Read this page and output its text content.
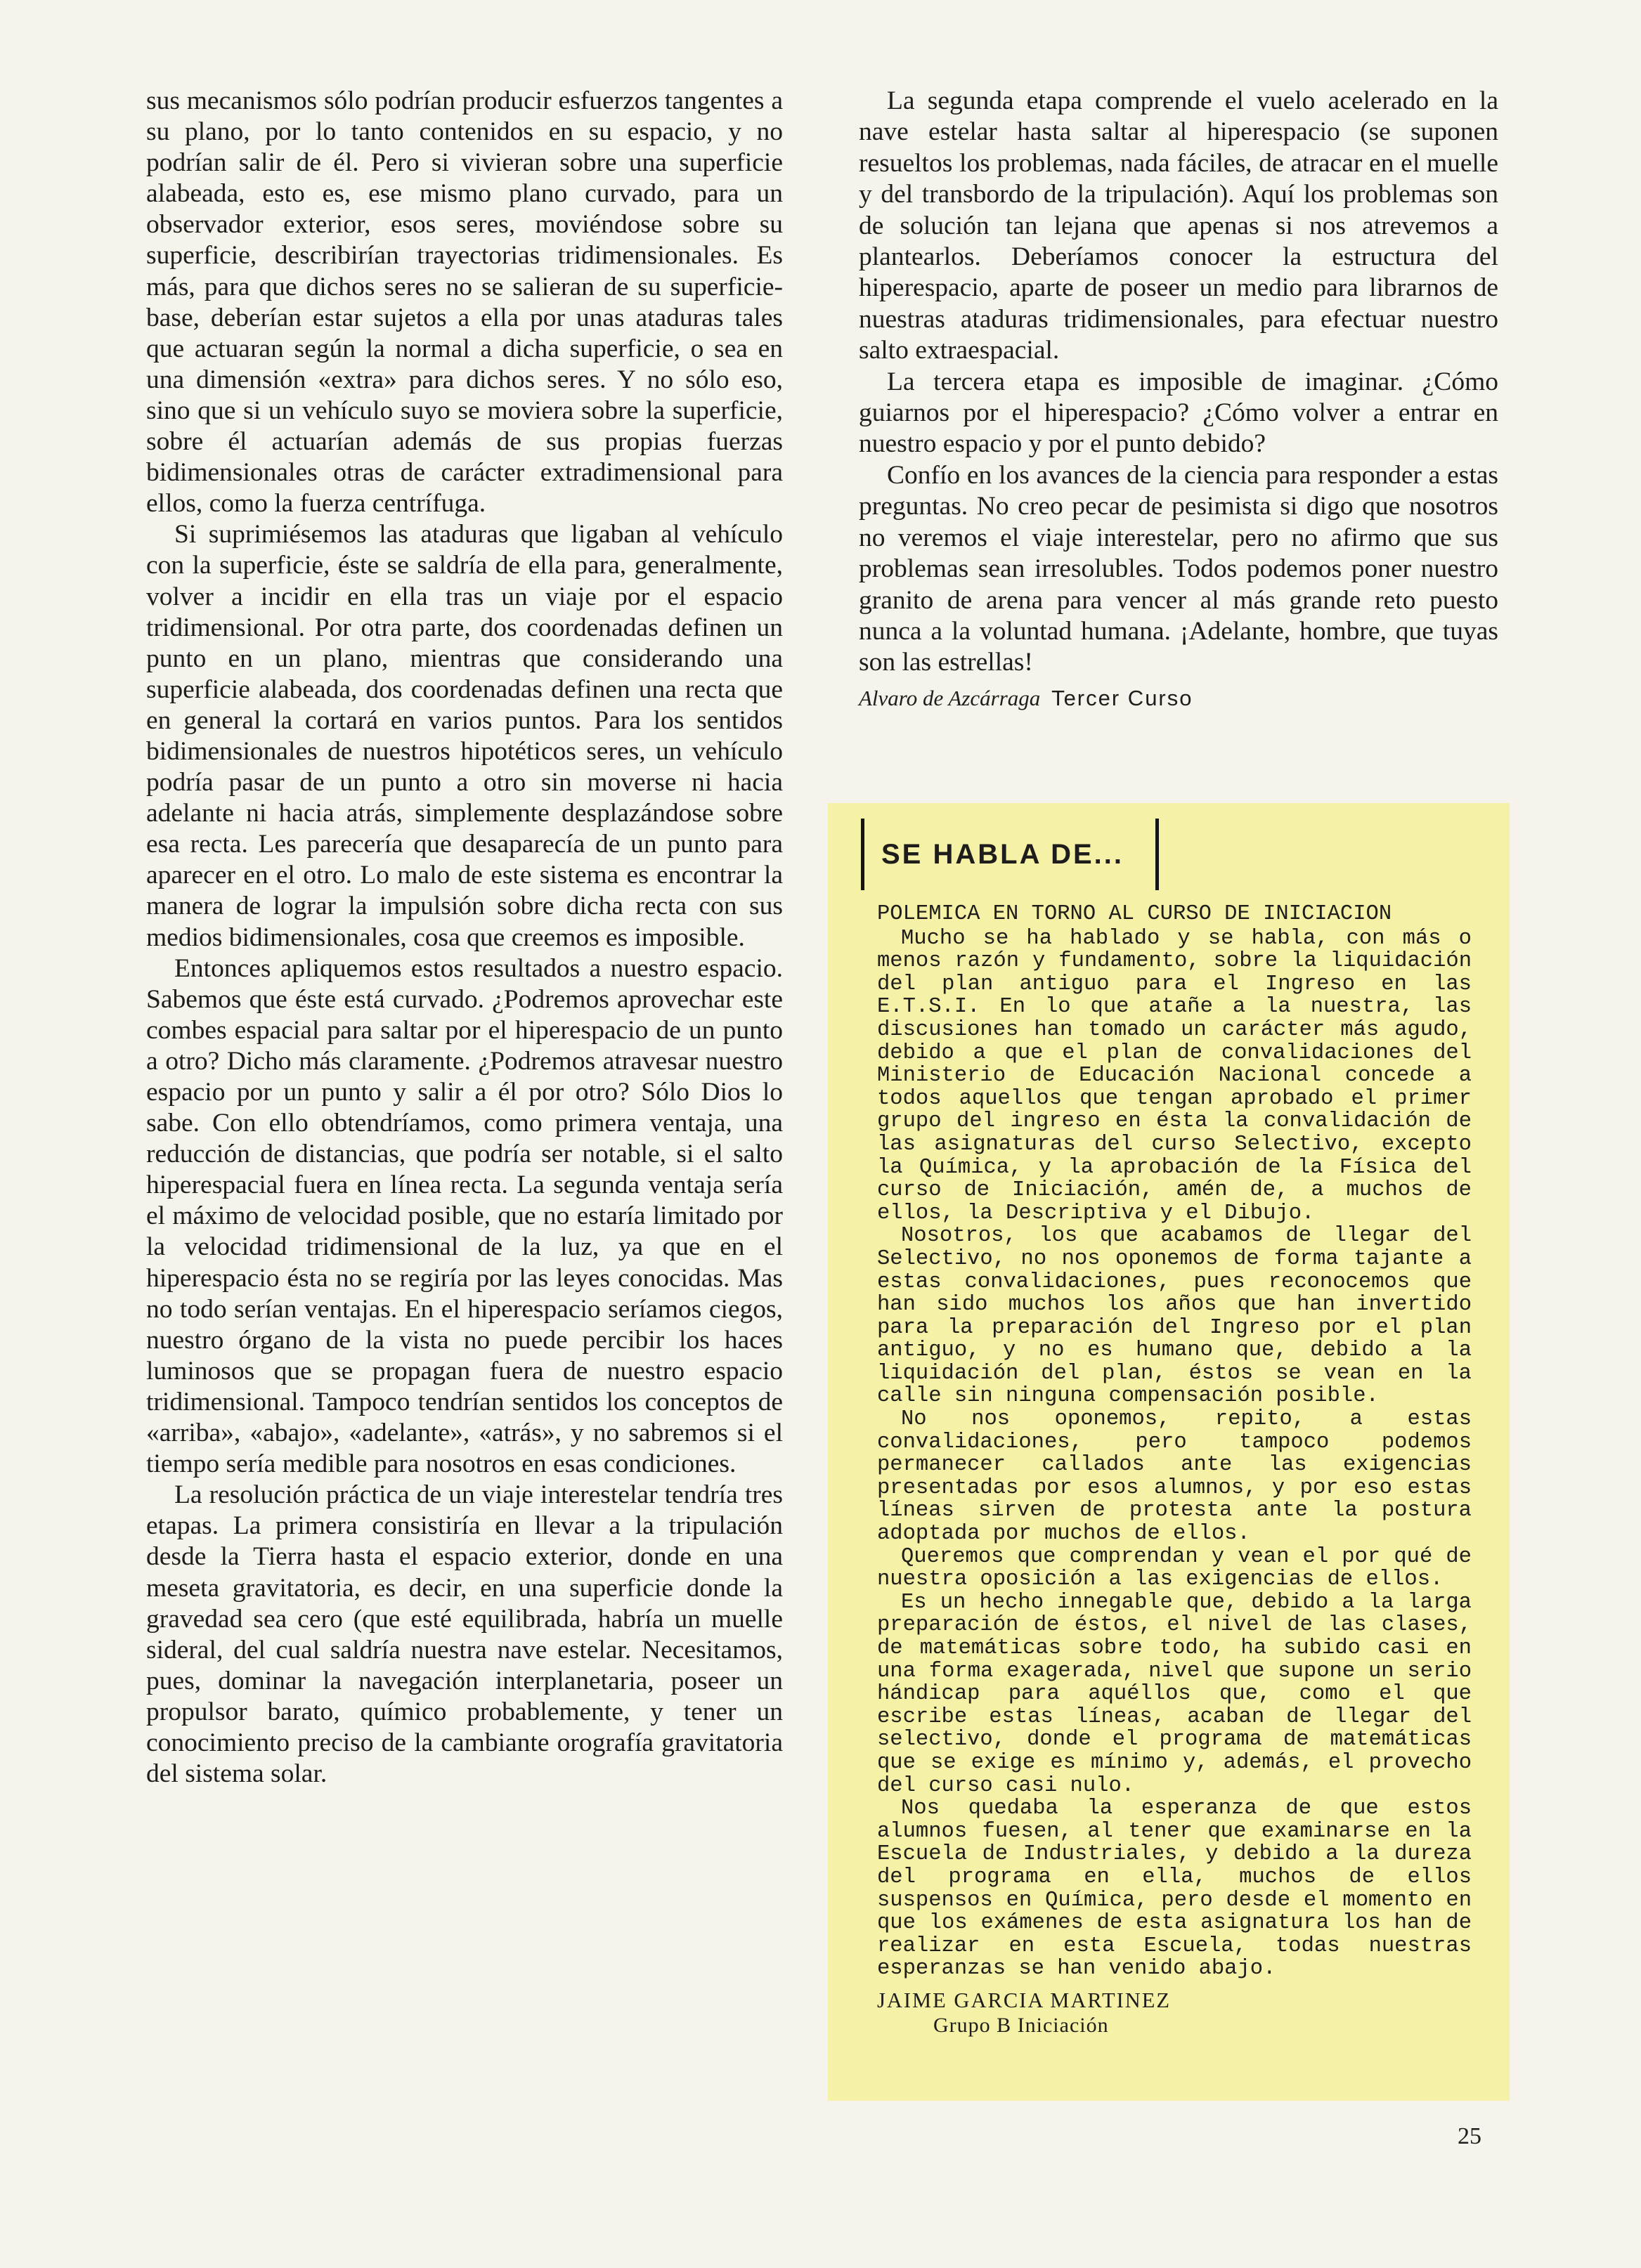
sus mecanismos sólo podrían producir esfuerzos tangentes a su plano, por lo tanto contenidos en su espacio, y no podrían salir de él. Pero si vivieran sobre una superficie alabeada, esto es, ese mismo plano curvado, para un observador exterior, esos seres, moviéndose sobre su superficie, describirían trayectorias tridimensionales. Es más, para que dichos seres no se salieran de su superficie-base, deberían estar sujetos a ella por unas ataduras tales que actuaran según la normal a dicha superficie, o sea en una dimensión «extra» para dichos seres. Y no sólo eso, sino que si un vehículo suyo se moviera sobre la superficie, sobre él actuarían además de sus propias fuerzas bidimensionales otras de carácter extradimensional para ellos, como la fuerza centrífuga.

Si suprimiésemos las ataduras que ligaban al vehículo con la superficie, éste se saldría de ella para, generalmente, volver a incidir en ella tras un viaje por el espacio tridimensional. Por otra parte, dos coordenadas definen un punto en un plano, mientras que considerando una superficie alabeada, dos coordenadas definen una recta que en general la cortará en varios puntos. Para los sentidos bidimensionales de nuestros hipotéticos seres, un vehículo podría pasar de un punto a otro sin moverse ni hacia adelante ni hacia atrás, simplemente desplazándose sobre esa recta. Les parecería que desaparecía de un punto para aparecer en el otro. Lo malo de este sistema es encontrar la manera de lograr la impulsión sobre dicha recta con sus medios bidimensionales, cosa que creemos es imposible.

Entonces apliquemos estos resultados a nuestro espacio. Sabemos que éste está curvado. ¿Podremos aprovechar este combes espacial para saltar por el hiperespacio de un punto a otro? Dicho más claramente. ¿Podremos atravesar nuestro espacio por un punto y salir a él por otro? Sólo Dios lo sabe. Con ello obtendríamos, como primera ventaja, una reducción de distancias, que podría ser notable, si el salto hiperespacial fuera en línea recta. La segunda ventaja sería el máximo de velocidad posible, que no estaría limitado por la velocidad tridimensional de la luz, ya que en el hiperespacio ésta no se regiría por las leyes conocidas. Mas no todo serían ventajas. En el hiperespacio seríamos ciegos, nuestro órgano de la vista no puede percibir los haces luminosos que se propagan fuera de nuestro espacio tridimensional. Tampoco tendrían sentidos los conceptos de «arriba», «abajo», «adelante», «atrás», y no sabremos si el tiempo sería medible para nosotros en esas condiciones.

La resolución práctica de un viaje interestelar tendría tres etapas. La primera consistiría en llevar a la tripulación desde la Tierra hasta el espacio exterior, donde en una meseta gravitatoria, es decir, en una superficie donde la gravedad sea cero (que esté equilibrada, habría un muelle sideral, del cual saldría nuestra nave estelar. Necesitamos, pues, dominar la navegación interplanetaria, poseer un propulsor barato, químico probablemente, y tener un conocimiento preciso de la cambiante orografía gravitatoria del sistema solar.

La segunda etapa comprende el vuelo acelerado en la nave estelar hasta saltar al hiperespacio (se suponen resueltos los problemas, nada fáciles, de atracar en el muelle y del transbordo de la tripulación). Aquí los problemas son de solución tan lejana que apenas si nos atrevemos a plantearlos. Deberíamos conocer la estructura del hiperespacio, aparte de poseer un medio para librarnos de nuestras ataduras tridimensionales, para efectuar nuestro salto extraespacial.

La tercera etapa es imposible de imaginar. ¿Cómo guiarnos por el hiperespacio? ¿Cómo volver a entrar en nuestro espacio y por el punto debido?

Confío en los avances de la ciencia para responder a estas preguntas. No creo pecar de pesimista si digo que nosotros no veremos el viaje interestelar, pero no afirmo que sus problemas sean irresolubles. Todos podemos poner nuestro granito de arena para vencer al más grande reto puesto nunca a la voluntad humana. ¡Adelante, hombre, que tuyas son las estrellas!

Alvaro de Azcárraga Tercer Curso
SE HABLA DE...

POLEMICA EN TORNO AL CURSO DE INICIACION

Mucho se ha hablado y se habla, con más o menos razón y fundamento, sobre la liquidación del plan antiguo para el Ingreso en las E.T.S.I. En lo que atañe a la nuestra, las discusiones han tomado un carácter más agudo, debido a que el plan de convalidaciones del Ministerio de Educación Nacional concede a todos aquellos que tengan aprobado el primer grupo del ingreso en ésta la convalidación de las asignaturas del curso Selectivo, excepto la Química, y la aprobación de la Física del curso de Iniciación, amén de, a muchos de ellos, la Descriptiva y el Dibujo.

Nosotros, los que acabamos de llegar del Selectivo, no nos oponemos de forma tajante a estas convalidaciones, pues reconocemos que han sido muchos los años que han invertido para la preparación del Ingreso por el plan antiguo, y no es humano que, debido a la liquidación del plan, éstos se vean en la calle sin ninguna compensación posible.

No nos oponemos, repito, a estas convalidaciones, pero tampoco podemos permanecer callados ante las exigencias presentadas por esos alumnos, y por eso estas líneas sirven de protesta ante la postura adoptada por muchos de ellos.

Queremos que comprendan y vean el por qué de nuestra oposición a las exigencias de ellos.

Es un hecho innegable que, debido a la larga preparación de éstos, el nivel de las clases, de matemáticas sobre todo, ha subido casi en una forma exagerada, nivel que supone un serio hándicap para aquéllos que, como el que escribe estas líneas, acaban de llegar del selectivo, donde el programa de matemáticas que se exige es mínimo y, además, el provecho del curso casi nulo.

Nos quedaba la esperanza de que estos alumnos fuesen, al tener que examinarse en la Escuela de Industriales, y debido a la dureza del programa en ella, muchos de ellos suspensos en Química, pero desde el momento en que los exámenes de esta asignatura los han de realizar en esta Escuela, todas nuestras esperanzas se han venido abajo.

JAIME GARCIA MARTINEZ
Grupo B Iniciación
25
